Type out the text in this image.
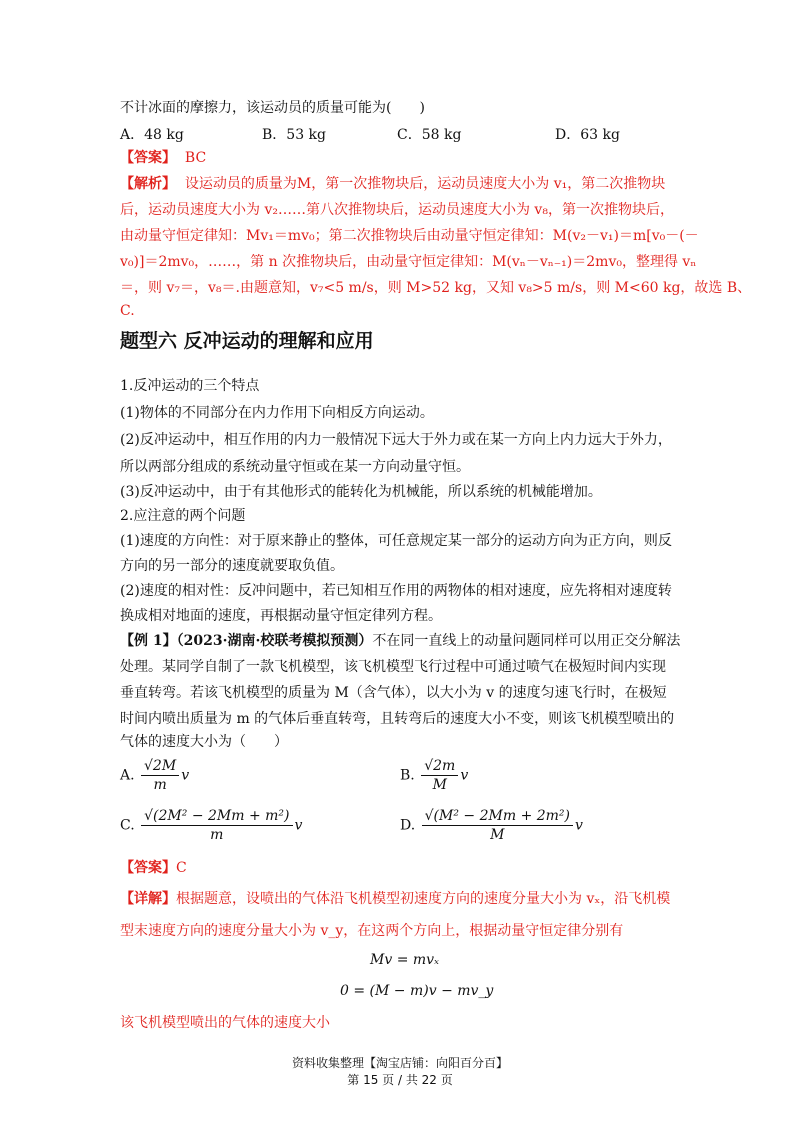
不计冰面的摩擦力，该运动员的质量可能为(　　)
A．48 kg	B．53 kg	C．58 kg	D．63 kg
【答案】 BC
【解析】 设运动员的质量为M，第一次推物块后，运动员速度大小为 v₁，第二次推物块
后，运动员速度大小为 v₂……第八次推物块后，运动员速度大小为 v₈，第一次推物块后，
由动量守恒定律知：Mv₁＝mv₀；第二次推物块后由动量守恒定律知：M(v₂－v₁)＝m[v₀－(－
v₀)]＝2mv₀，……，第 n 次推物块后，由动量守恒定律知：M(vₙ－vₙ₋₁)＝2mv₀，整理得 vₙ
＝，则 v₇＝，v₈＝.由题意知，v₇<5 m/s，则 M>52 kg，又知 v₈>5 m/s，则 M<60 kg，故选 B、
C.
题型六 反冲运动的理解和应用
1.反冲运动的三个特点
(1)物体的不同部分在内力作用下向相反方向运动。
(2)反冲运动中，相互作用的内力一般情况下远大于外力或在某一方向上内力远大于外力，
所以两部分组成的系统动量守恒或在某一方向动量守恒。
(3)反冲运动中，由于有其他形式的能转化为机械能，所以系统的机械能增加。
2.应注意的两个问题
(1)速度的方向性：对于原来静止的整体，可任意规定某一部分的运动方向为正方向，则反
方向的另一部分的速度就要取负值。
(2)速度的相对性：反冲问题中，若已知相互作用的两物体的相对速度，应先将相对速度转
换成相对地面的速度，再根据动量守恒定律列方程。
【例 1】（2023·湖南·校联考模拟预测）不在同一直线上的动量问题同样可以用正交分解法
处理。某同学自制了一款飞机模型，该飞机模型飞行过程中可通过喷气在极短时间内实现
垂直转弯。若该飞机模型的质量为 M（含气体），以大小为 v 的速度匀速飞行时，在极短
时间内喷出质量为 m 的气体后垂直转弯，且转弯后的速度大小不变，则该飞机模型喷出的
气体的速度大小为（　　）
A. $\frac{√2M}{m}$ v	B. $\frac{√2m}{M}$ v
C. $\frac{\text{√(2M² − 2Mm + m²)}}{m}$ v	D. $\frac{\text{√(M² − 2Mm + 2m²)}}{M}$ v
【答案】C
【详解】根据题意，设喷出的气体沿飞机模型初速度方向的速度分量大小为 vₓ，沿飞机模
型末速度方向的速度分量大小为 v_y，在这两个方向上，根据动量守恒定律分别有
Mv = mvₓ
0 = (M − m)v − mv_y
该飞机模型喷出的气体的速度大小
资料收集整理【淘宝店铺：向阳百分百】
第 15 页 / 共 22 页
